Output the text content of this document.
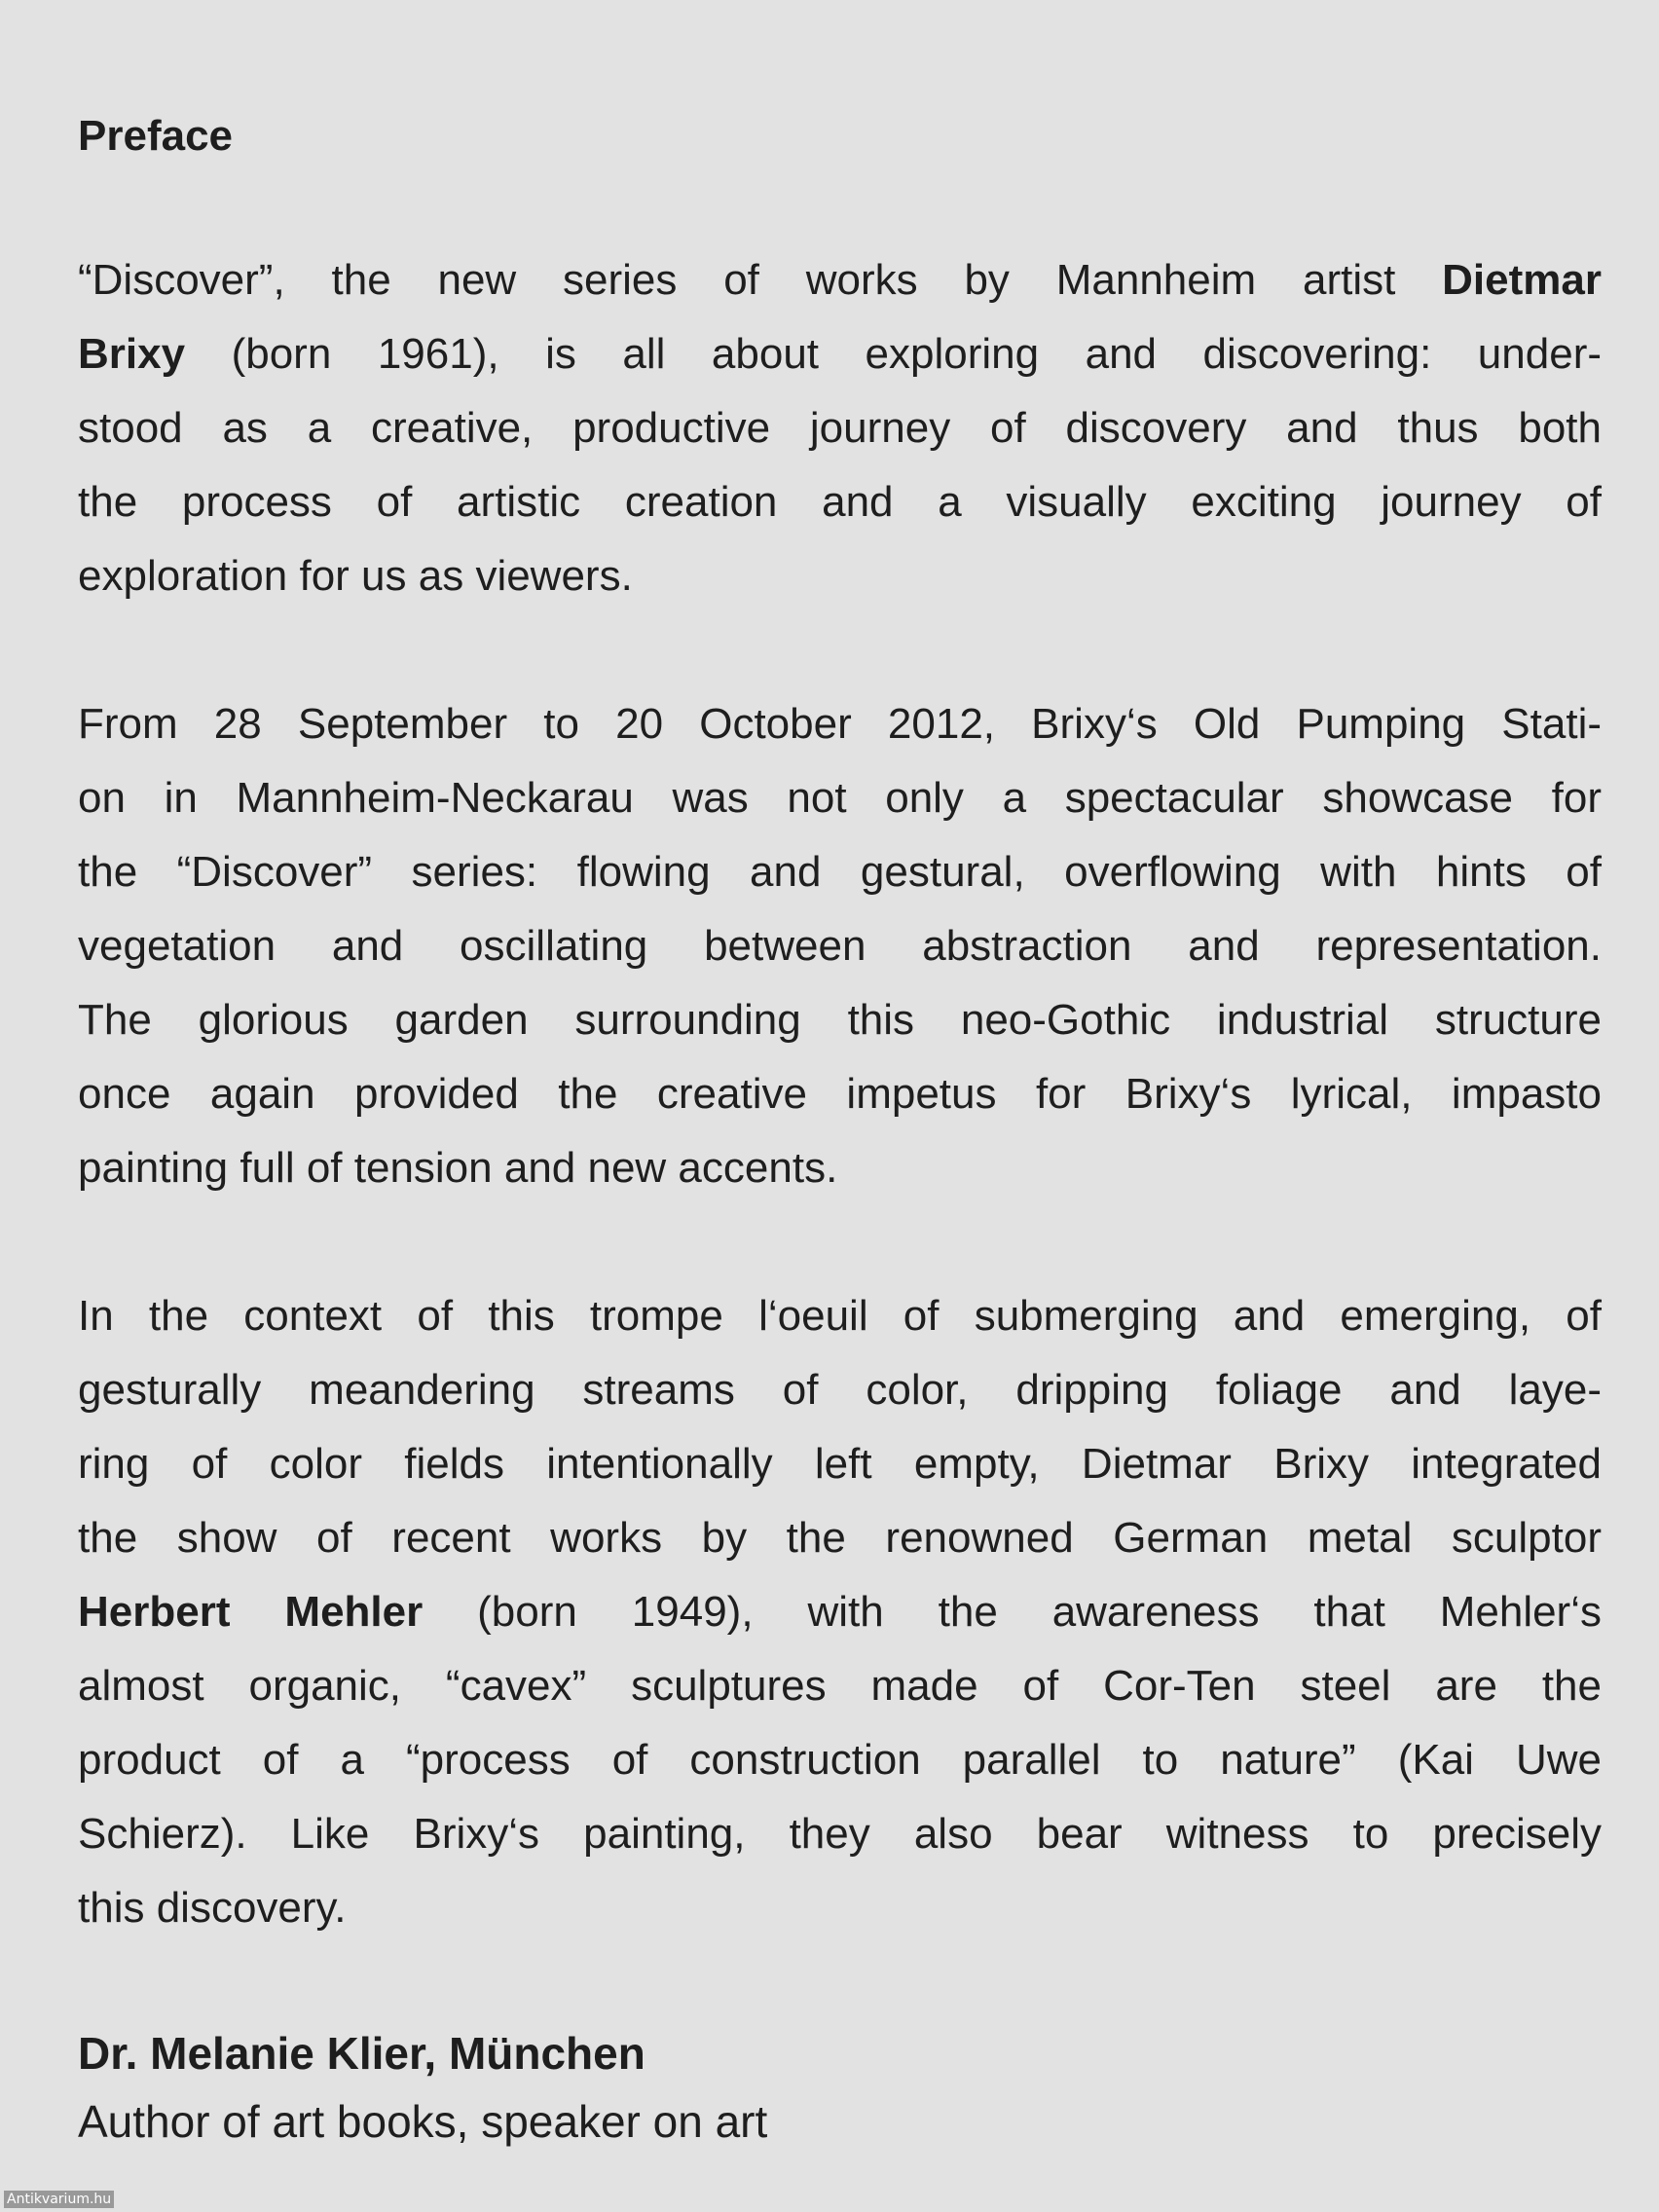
Preface
“Discover”, the new series of works by Mannheim artist Dietmar
Brixy (born 1961), is all about exploring and discovering: under-
stood as a creative, productive journey of discovery and thus both
the process of artistic creation and a visually exciting journey of
exploration for us as viewers.
From 28 September to 20 October 2012, Brixy‘s Old Pumping Stati-
on in Mannheim-Neckarau was not only a spectacular showcase for
the “Discover” series: flowing and gestural, overflowing with hints of
vegetation and oscillating between abstraction and representation.
The glorious garden surrounding this neo-Gothic industrial structure
once again provided the creative impetus for Brixy‘s lyrical, impasto
painting full of tension and new accents.
In the context of this trompe l‘oeuil of submerging and emerging, of
gesturally meandering streams of color, dripping foliage and laye-
ring of color fields intentionally left empty, Dietmar Brixy integrated
the show of recent works by the renowned German metal sculptor
Herbert Mehler (born 1949), with the awareness that Mehler‘s
almost organic, “cavex” sculptures made of Cor-Ten steel are the
product of a “process of construction parallel to nature” (Kai Uwe
Schierz). Like Brixy‘s painting, they also bear witness to precisely
this discovery.

Dr. Melanie Klier, München

Author of art books, speaker on art

Antikvarium.hu
